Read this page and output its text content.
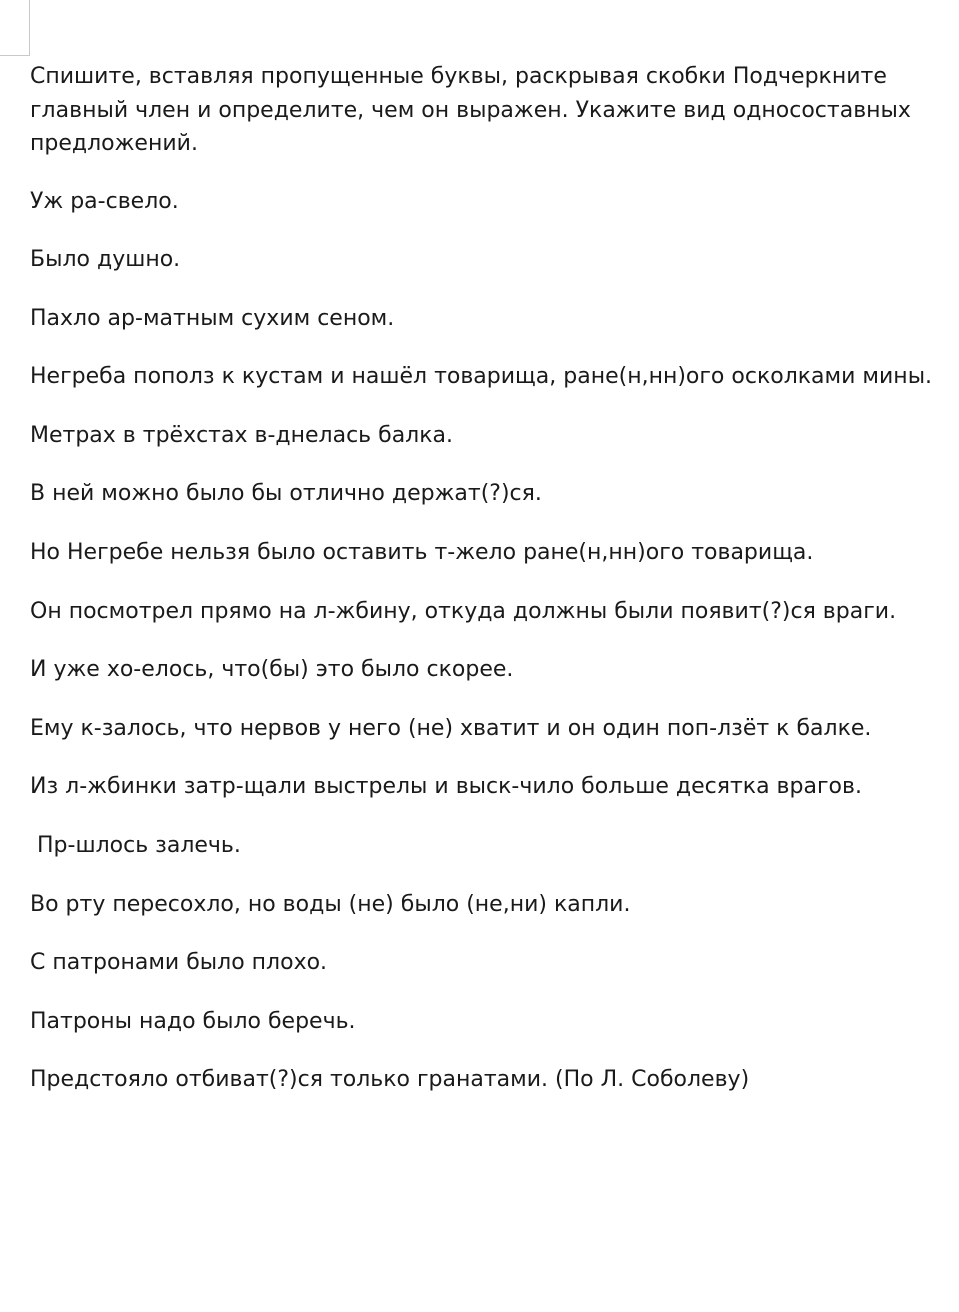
Спишите, вставляя пропущенные буквы, раскрывая скобки Подчеркните главный член и определите, чем он выражен. Укажите вид односоставных предложений.

Уж ра-свело.

Было душно.

Пахло ар-матным сухим сеном.

Негреба пополз к кустам и нашёл товарища, ране(н,нн)ого осколками мины.

Метрах в трёхстах в-днелась балка.

В ней можно было бы отлично держат(?)ся.

Но Негребе нельзя было оставить т-жело ране(н,нн)ого товарища.

Он посмотрел прямо на л-жбину, откуда должны были появит(?)ся враги.

И уже хо-елось, что(бы) это было скорее.

Ему к-залось, что нервов у него (не) хватит и он один поп-лзёт к балке.

Из л-жбинки затр-щали выстрелы и выск-чило больше десятка врагов.

Пр-шлось залечь.

Во рту пересохло, но воды (не) было (не,ни) капли.

С патронами было плохо.

Патроны надо было беречь.

Предстояло отбиват(?)ся только гранатами. (По Л. Соболеву)
